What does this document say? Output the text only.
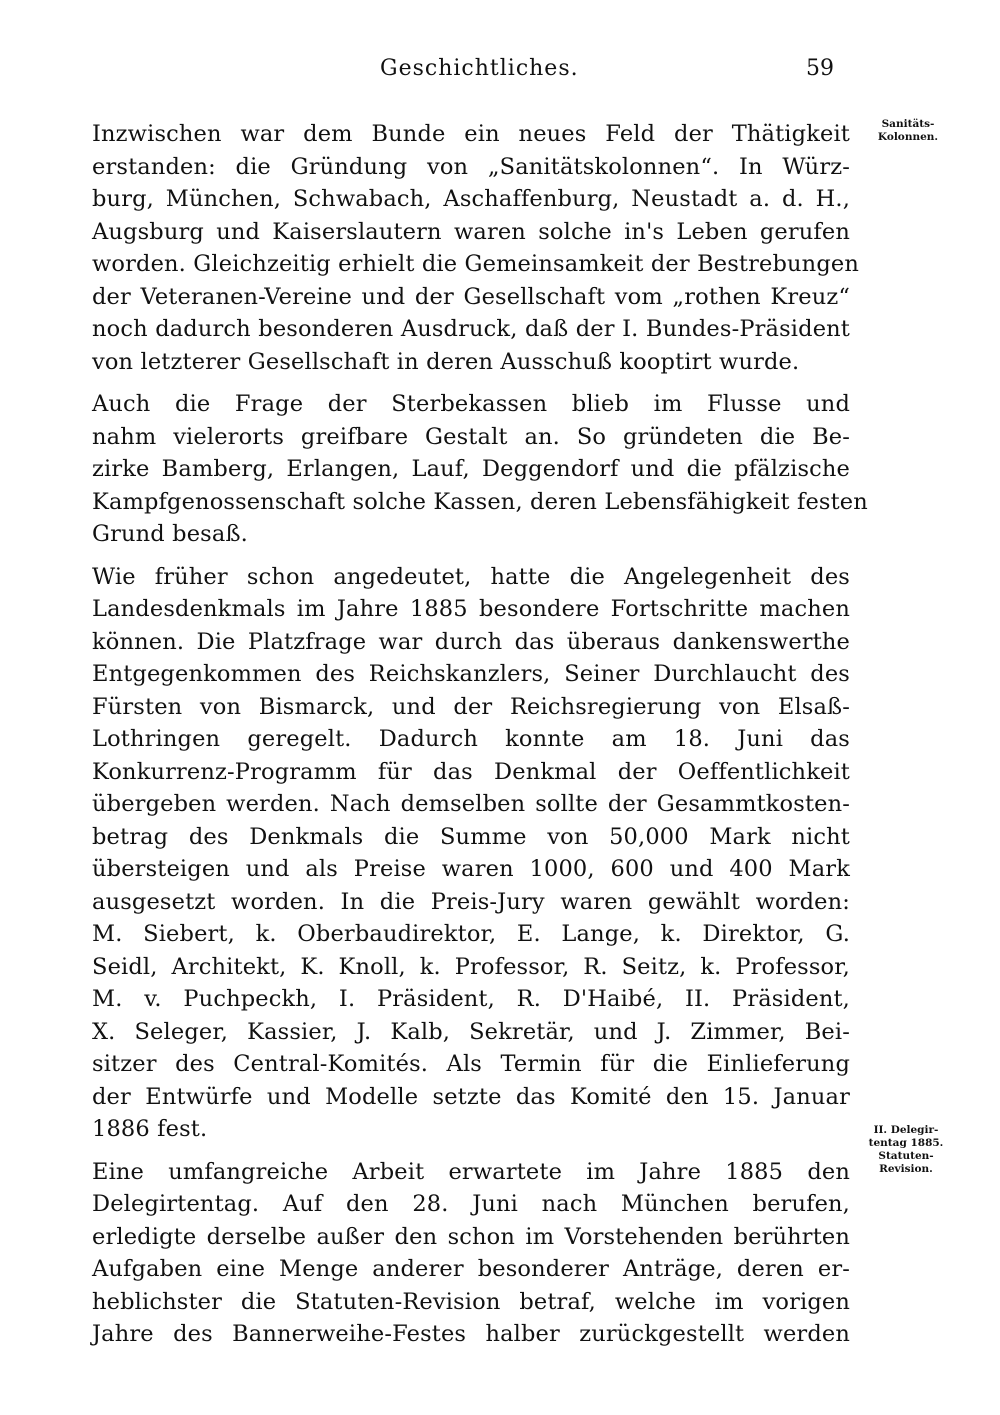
Geschichtliches.	59
Sanitäts-
Kolonnen.
II. Delegir-
tentag 1885.
Statuten-
Revision.
Inzwischen war dem Bunde ein neues Feld der Thätigkeit
erstanden: die Gründung von „Sanitätskolonnen“. In Würz-
burg, München, Schwabach, Aschaffenburg, Neustadt a. d. H.,
Augsburg und Kaiserslautern waren solche in's Leben gerufen
worden. Gleichzeitig erhielt die Gemeinsamkeit der Bestrebungen
der Veteranen-Vereine und der Gesellschaft vom „rothen Kreuz“
noch dadurch besonderen Ausdruck, daß der I. Bundes-Präsident
von letzterer Gesellschaft in deren Ausschuß kooptirt wurde.
Auch die Frage der Sterbekassen blieb im Flusse und
nahm vielerorts greifbare Gestalt an. So gründeten die Be-
zirke Bamberg, Erlangen, Lauf, Deggendorf und die pfälzische
Kampfgenossenschaft solche Kassen, deren Lebensfähigkeit festen
Grund besaß.
Wie früher schon angedeutet, hatte die Angelegenheit des
Landesdenkmals im Jahre 1885 besondere Fortschritte machen
können. Die Platzfrage war durch das überaus dankenswerthe
Entgegenkommen des Reichskanzlers, Seiner Durchlaucht des
Fürsten von Bismarck, und der Reichsregierung von Elsaß-
Lothringen geregelt. Dadurch konnte am 18. Juni das
Konkurrenz-Programm für das Denkmal der Oeffentlichkeit
übergeben werden. Nach demselben sollte der Gesammtkosten-
betrag des Denkmals die Summe von 50,000 Mark nicht
übersteigen und als Preise waren 1000, 600 und 400 Mark
ausgesetzt worden. In die Preis-Jury waren gewählt worden:
M. Siebert, k. Oberbaudirektor, E. Lange, k. Direktor, G.
Seidl, Architekt, K. Knoll, k. Professor, R. Seitz, k. Professor,
M. v. Puchpeckh, I. Präsident, R. D'Haibé, II. Präsident,
X. Seleger, Kassier, J. Kalb, Sekretär, und J. Zimmer, Bei-
sitzer des Central-Komités. Als Termin für die Einlieferung
der Entwürfe und Modelle setzte das Komité den 15. Januar
1886 fest.
Eine umfangreiche Arbeit erwartete im Jahre 1885 den
Delegirtentag. Auf den 28. Juni nach München berufen,
erledigte derselbe außer den schon im Vorstehenden berührten
Aufgaben eine Menge anderer besonderer Anträge, deren er-
heblichster die Statuten-Revision betraf, welche im vorigen
Jahre des Bannerweihe-Festes halber zurückgestellt werden
